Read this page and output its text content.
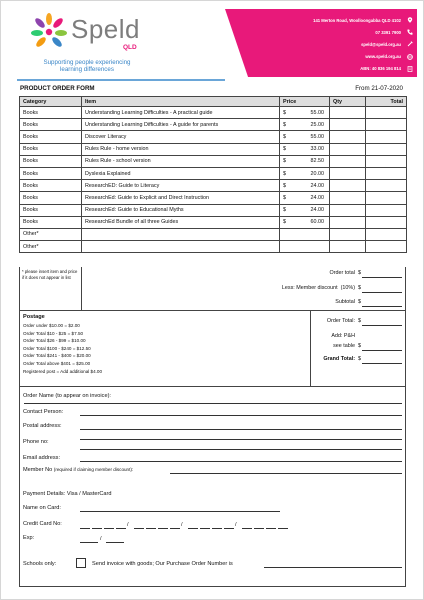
Speld
QLD
Supporting people experiencing
learning differences
141 Merton Road, Woolloongabba QLD 4102
07 3391 7900
speld@speld.org.au
www.speld.org.au
ABN: 40 836 194 814
PRODUCT ORDER FORM	From 21-07-2020
Category	Item	Price	Qty	Total
Books	Understanding Learning Difficulties - A practical guide	$ 55.00		

Books	Understanding Learning Difficulties - A guide for parents	$ 25.00		

Books	Discover Literacy	$ 55.00		

Books	Rules Rule - home version	$ 33.00		

Books	Rules Rule - school version	$ 82.50		

Books	Dyslexia Explained	$ 20.00		

Books	ResearchED: Guide to Literacy	$ 24.00		

Books	ResearchEd: Guide to Explicit and Direct Instruction	$ 24.00		

Books	ResearchEd: Guide to Educational Myths	$ 24.00		

Books	ResearchEd Bundle of all three Guides	$ 60.00		

Other*		

Other*		

* please insert item and price if it does not appear in list
Order total $
Less: Member discount (10%) $
Subtotal $
Postage
Order under $10.00 = $2.00
Order Total $10 - $25 = $7.50
Order Total $26 - $99 = $10.00
Order Total $100 - $240 = $12.50
Order Total $241 - $400 = $20.00
Order Total above $401 = $25.00
Registered post = Add additional $4.00
Order Total: $
Add: P&H
see table $
Grand Total: $
Order Name (to appear on invoice):
Contact Person:
Postal address:
Phone no:
Email address:
Member No (required if claiming member discount):
Payment Details: Visa / MasterCard
Name on Card:
Credit Card No:	/	/	/
Exp:	/
Schools only:	Send invoice with goods; Our Purchase Order Number is
